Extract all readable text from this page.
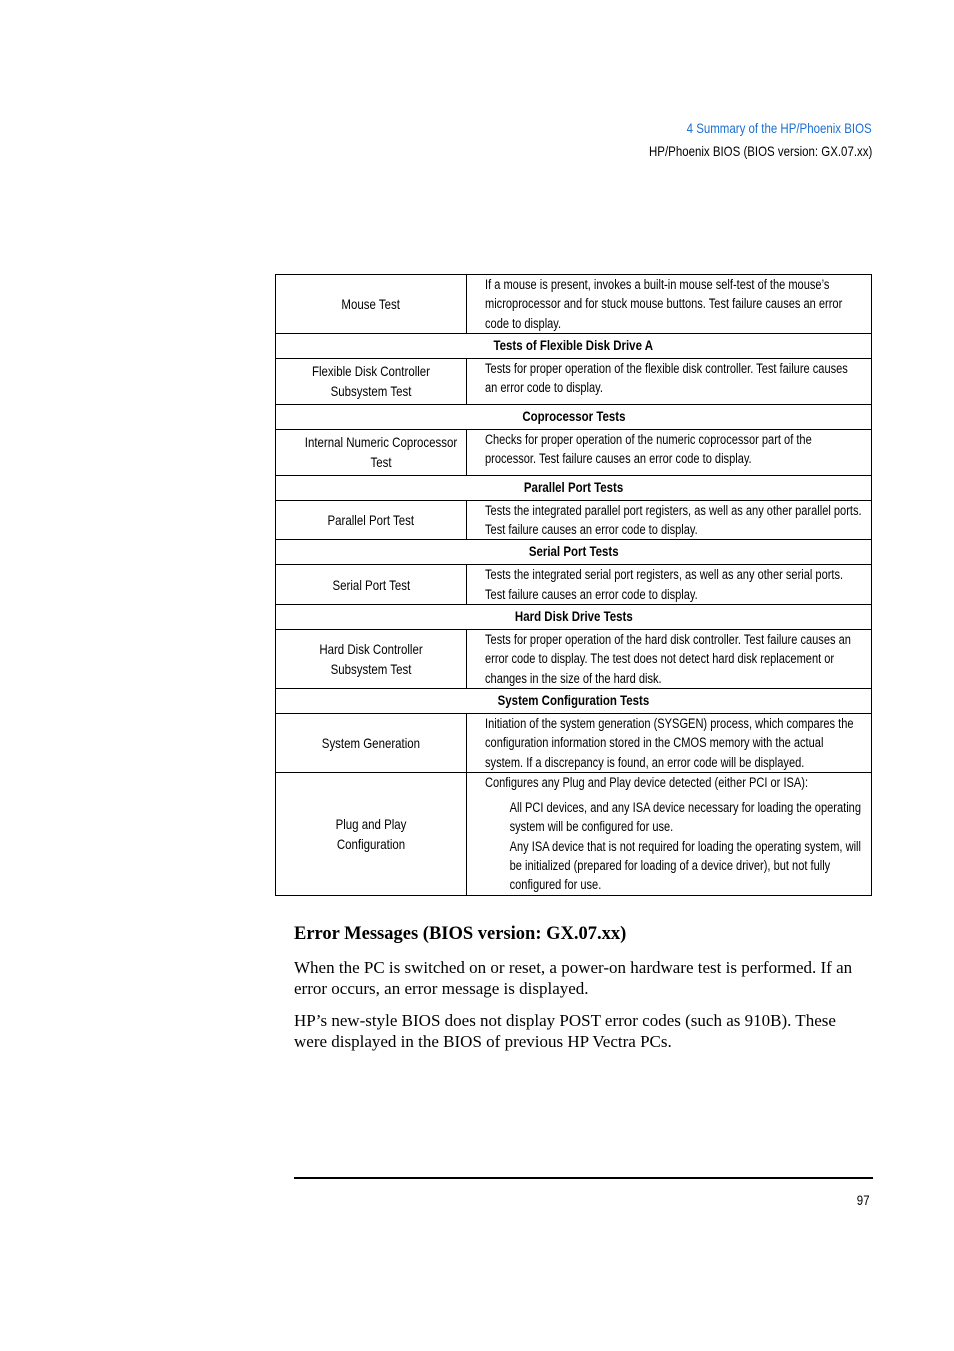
4 Summary of the HP/Phoenix BIOS
HP/Phoenix BIOS (BIOS version: GX.07.xx)
Mouse Test	If a mouse is present, invokes a built-in mouse self-test of the mouse’s microprocessor and for stuck mouse buttons. Test failure causes an error code to display.

Tests of Flexible Disk Drive A	
Flexible Disk Controller Subsystem Test	Tests for proper operation of the flexible disk controller. Test failure causes an error code to display.

Coprocessor Tests	
Internal Numeric Coprocessor Test	Checks for proper operation of the numeric coprocessor part of the processor. Test failure causes an error code to display.

Parallel Port Tests	
Parallel Port Test	Tests the integrated parallel port registers, as well as any other parallel ports. Test failure causes an error code to display.

Serial Port Tests	
Serial Port Test	Tests the integrated serial port registers, as well as any other serial ports. Test failure causes an error code to display.

Hard Disk Drive Tests	
Hard Disk Controller Subsystem Test	Tests for proper operation of the hard disk controller. Test failure causes an error code to display. The test does not detect hard disk replacement or changes in the size of the hard disk.

System Configuration Tests	
System Generation	Initiation of the system generation (SYSGEN) process, which compares the configuration information stored in the CMOS memory with the actual system. If a discrepancy is found, an error code will be displayed.

Plug and Play Configuration	Configures any Plug and Play device detected (either PCI or ISA):
All PCI devices, and any ISA device necessary for loading the operating system will be configured for use.
Any ISA device that is not required for loading the operating system, will be initialized (prepared for loading of a device driver), but not fully configured for use.
Error Messages (BIOS version: GX.07.xx)
When the PC is switched on or reset, a power-on hardware test is performed. If an error occurs, an error message is displayed.
HP’s new-style BIOS does not display POST error codes (such as 910B). These were displayed in the BIOS of previous HP Vectra PCs.
97
